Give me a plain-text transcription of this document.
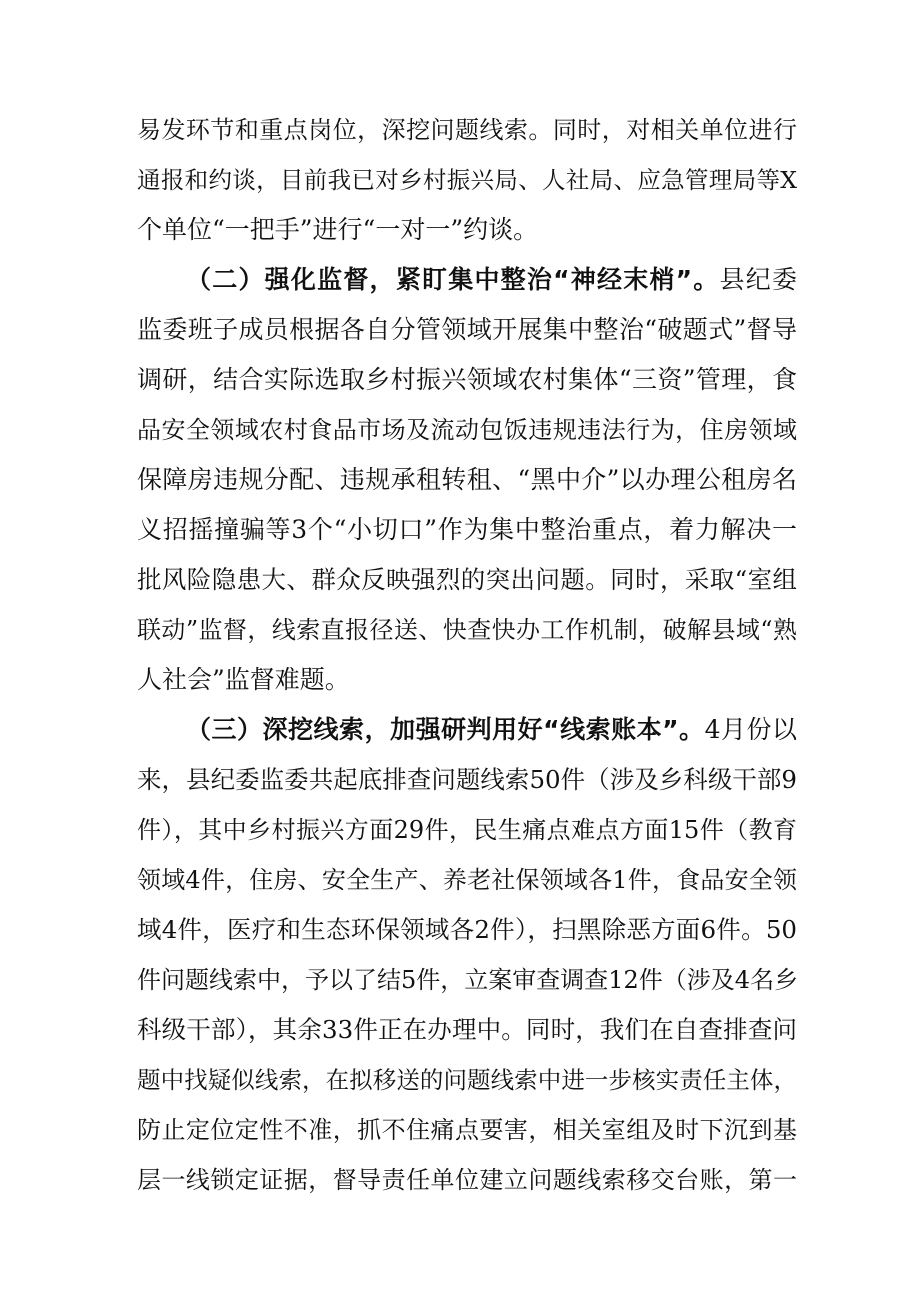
易发环节和重点岗位，深挖问题线索。同时，对相关单位进行
通报和约谈，目前我已对乡村振兴局、人社局、应急管理局等X
个单位“一把手”进行“一对一”约谈。
（二）强化监督，紧盯集中整治“神经末梢”。县纪委
监委班子成员根据各自分管领域开展集中整治“破题式”督导
调研，结合实际选取乡村振兴领域农村集体“三资”管理，食
品安全领域农村食品市场及流动包饭违规违法行为，住房领域
保障房违规分配、违规承租转租、“黑中介”以办理公租房名
义招摇撞骗等3个“小切口”作为集中整治重点，着力解决一
批风险隐患大、群众反映强烈的突出问题。同时，采取“室组
联动”监督，线索直报径送、快查快办工作机制，破解县域“熟
人社会”监督难题。
（三）深挖线索，加强研判用好“线索账本”。4月份以
来，县纪委监委共起底排查问题线索50件（涉及乡科级干部9
件），其中乡村振兴方面29件，民生痛点难点方面15件（教育
领域4件，住房、安全生产、养老社保领域各1件，食品安全领
域4件，医疗和生态环保领域各2件），扫黑除恶方面6件。50
件问题线索中，予以了结5件，立案审查调查12件（涉及4名乡
科级干部），其余33件正在办理中。同时，我们在自查排查问
题中找疑似线索，在拟移送的问题线索中进一步核实责任主体，
防止定位定性不准，抓不住痛点要害，相关室组及时下沉到基
层一线锁定证据，督导责任单位建立问题线索移交台账，第一
